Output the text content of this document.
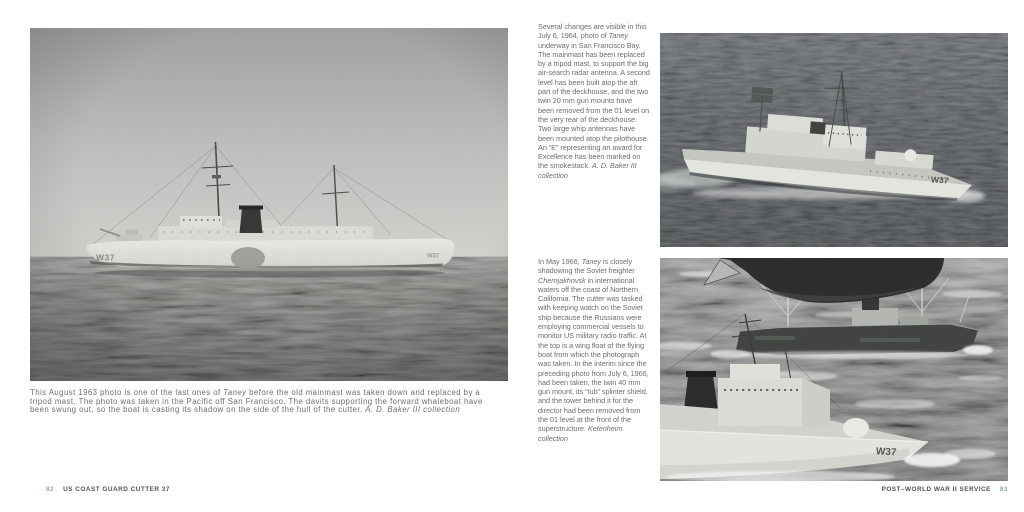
This August 1963 photo is one of the last ones of Taney before the old mainmast was taken down and replaced by a tripod mast. The photo was taken in the Pacific off San Francisco. The davits supporting the forward whaleboat have been swung out, so the boat is casting its shadow on the side of the hull of the cutter. A. D. Baker III collection
82 US COAST GUARD CUTTER 37
Several changes are visible in this July 6, 1964, photo of Taney underway in San Francisco Bay. The mainmast has been replaced by a tripod mast, to support the big air-search radar antenna. A second level has been built atop the aft part of the deckhouse, and the two twin 20 mm gun mounts have been removed from the 01 level on the very rear of the deckhouse. Two large whip antennas have been mounted atop the pilothouse. An “E” representing an award for Excellence has been marked on the smokestack. A. D. Baker III collection	W37
In May 1966, Taney is closely shadowing the Soviet freighter Chernjakhovsk in international waters off the coast of Northern California. The cutter was tasked with keeping watch on the Soviet ship because the Russians were employing commercial vessels to monitor US military radio traffic. At the top is a wing float of the flying boat from which the photograph was taken. In the interim since the preceding photo from July 6, 1966, had been taken, the twin 40 mm gun mount, its “tub” splinter shield, and the tower behind it for the director had been removed from the 01 level at the front of the superstructure. Ketenheim collection
W37
POST–WORLD WAR II SERVICE 83
